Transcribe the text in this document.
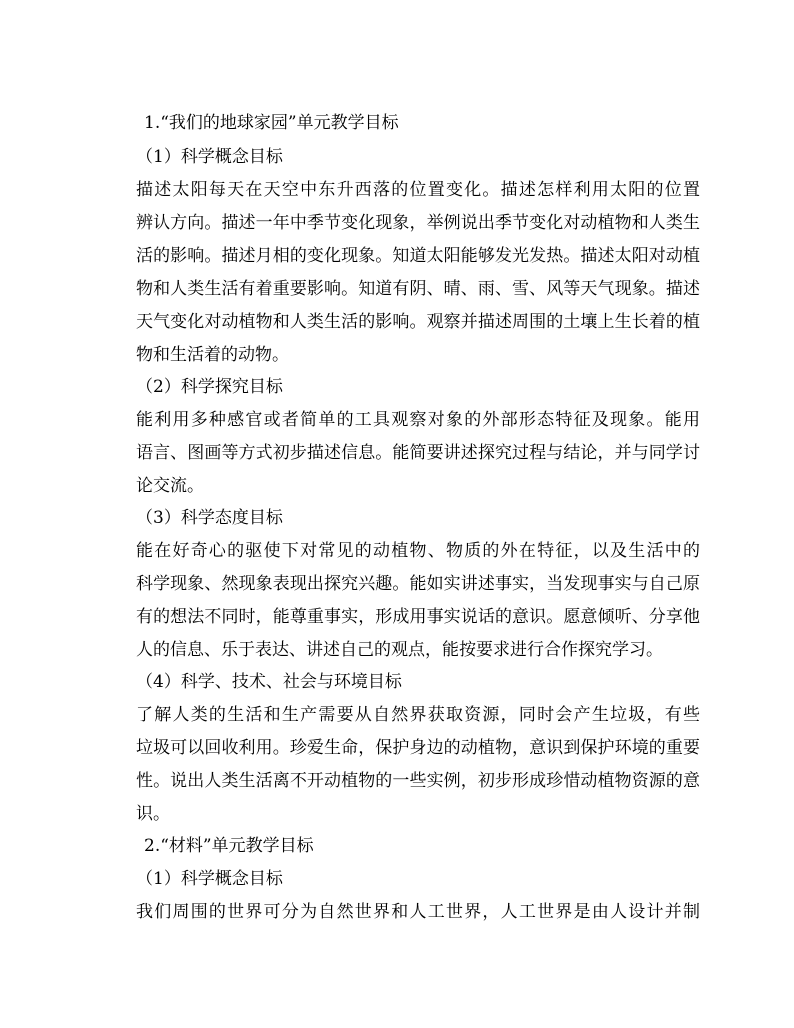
1.“我们的地球家园”单元教学目标
（1）科学概念目标
描述太阳每天在天空中东升西落的位置变化。描述怎样利用太阳的位置
辨认方向。描述一年中季节变化现象，举例说出季节变化对动植物和人类生
活的影响。描述月相的变化现象。知道太阳能够发光发热。描述太阳对动植
物和人类生活有着重要影响。知道有阴、晴、雨、雪、风等天气现象。描述
天气变化对动植物和人类生活的影响。观察并描述周围的土壤上生长着的植
物和生活着的动物。
（2）科学探究目标
能利用多种感官或者简单的工具观察对象的外部形态特征及现象。能用
语言、图画等方式初步描述信息。能简要讲述探究过程与结论，并与同学讨
论交流。
（3）科学态度目标
能在好奇心的驱使下对常见的动植物、物质的外在特征，以及生活中的
科学现象、然现象表现出探究兴趣。能如实讲述事实，当发现事实与自己原
有的想法不同时，能尊重事实，形成用事实说话的意识。愿意倾听、分享他
人的信息、乐于表达、讲述自己的观点，能按要求进行合作探究学习。
（4）科学、技术、社会与环境目标
了解人类的生活和生产需要从自然界获取资源，同时会产生垃圾，有些
垃圾可以回收利用。珍爱生命，保护身边的动植物，意识到保护环境的重要
性。说出人类生活离不开动植物的一些实例，初步形成珍惜动植物资源的意
识。
2.“材料”单元教学目标
（1）科学概念目标
我们周围的世界可分为自然世界和人工世界，人工世界是由人设计并制
